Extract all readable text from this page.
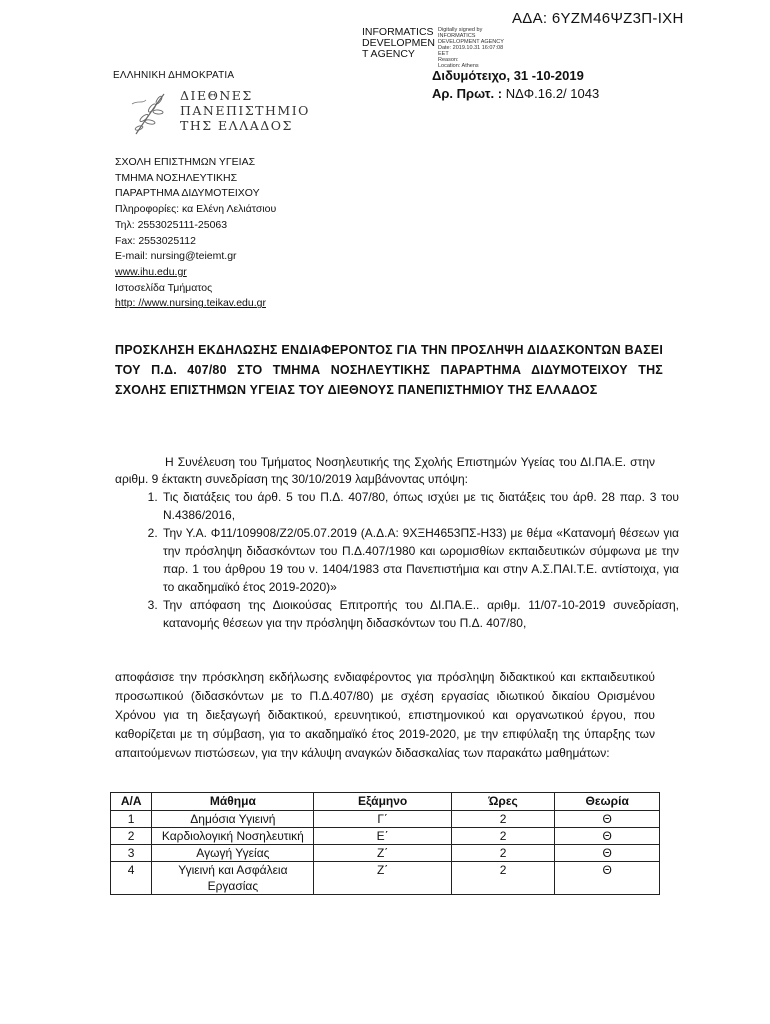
ΑΔΑ: 6ΥΖΜ46ΨΖ3Π-ΙΧΗ
INFORMATICS
DEVELOPMEN
T AGENCY
Digitally signed by
INFORMATICS
DEVELOPMENT AGENCY
Date: 2019.10.31 16:07:08
EET
Reason:
Location: Athens
ΕΛΛΗΝΙΚΗ ΔΗΜΟΚΡΑΤΙΑ	Διδυμότειχο, 31 -10-2019
Αρ. Πρωτ. : ΝΔΦ.16.2/ 1043
ΔΙΕΘΝΕΣ
ΠΑΝΕΠΙΣΤΗΜΙΟ
ΤΗΣ ΕΛΛΑΔΟΣ
ΣΧΟΛΗ ΕΠΙΣΤΗΜΩΝ ΥΓΕΙΑΣ
ΤΜΗΜΑ ΝΟΣΗΛΕΥΤΙΚΗΣ
ΠΑΡΑΡΤΗΜΑ ΔΙΔΥΜΟΤΕΙΧΟΥ
Πληροφορίες: κα Ελένη Λελιάτσιου
Τηλ: 2553025111-25063
Fax: 2553025112
E-mail: nursing@teiemt.gr
www.ihu.edu.gr
Ιστοσελίδα Τμήματος
http: //www.nursing.teikav.edu.gr
ΠΡΟΣΚΛΗΣΗ ΕΚΔΗΛΩΣΗΣ ΕΝΔΙΑΦΕΡΟΝΤΟΣ ΓΙΑ ΤΗΝ ΠΡΟΣΛΗΨΗ ΔΙΔΑΣΚΟΝΤΩΝ ΒΑΣΕΙ ΤΟΥ Π.Δ. 407/80 ΣΤΟ ΤΜΗΜΑ ΝΟΣΗΛΕΥΤΙΚΗΣ ΠΑΡΑΡΤΗΜΑ ΔΙΔΥΜΟΤΕΙΧΟΥ ΤΗΣ ΣΧΟΛΗΣ ΕΠΙΣΤΗΜΩΝ ΥΓΕΙΑΣ ΤΟΥ ΔΙΕΘΝΟΥΣ ΠΑΝΕΠΙΣΤΗΜΙΟΥ ΤΗΣ ΕΛΛΑΔΟΣ
Η Συνέλευση του Τμήματος Νοσηλευτικής της Σχολής Επιστημών Υγείας του ΔΙ.ΠΑ.Ε. στην αριθμ. 9 έκτακτη συνεδρίαση της 30/10/2019 λαμβάνοντας υπόψη:
1. Τις διατάξεις του άρθ. 5 του Π.Δ. 407/80, όπως ισχύει με τις διατάξεις του άρθ. 28 παρ. 3 του Ν.4386/2016,
2. Την Υ.Α. Φ11/109908/Ζ2/05.07.2019 (Α.Δ.Α: 9ΧΞΗ4653ΠΣ-Η33) με θέμα «Κατανομή θέσεων για την πρόσληψη διδασκόντων του Π.Δ.407/1980 και ωρομισθίων εκπαιδευτικών σύμφωνα με την παρ. 1 του άρθρου 19 του ν. 1404/1983 στα Πανεπιστήμια και στην Α.Σ.ΠΑΙ.Τ.Ε. αντίστοιχα, για το ακαδημαϊκό έτος 2019-2020)»
3. Την απόφαση της Διοικούσας Επιτροπής του ΔΙ.ΠΑ.Ε.. αριθμ. 11/07-10-2019 συνεδρίαση, κατανομής θέσεων για την πρόσληψη διδασκόντων του Π.Δ. 407/80,
αποφάσισε την πρόσκληση εκδήλωσης ενδιαφέροντος για πρόσληψη διδακτικού και εκπαιδευτικού προσωπικού (διδασκόντων με το Π.Δ.407/80) με σχέση εργασίας ιδιωτικού δικαίου Ορισμένου Χρόνου για τη διεξαγωγή διδακτικού, ερευνητικού, επιστημονικού και οργανωτικού έργου, που καθορίζεται με τη σύμβαση, για το ακαδημαϊκό έτος 2019-2020, με την επιφύλαξη της ύπαρξης των απαιτούμενων πιστώσεων, για την κάλυψη αναγκών διδασκαλίας των παρακάτω μαθημάτων:
Α/Α	Μάθημα	Εξάμηνο	Ώρες	Θεωρία
1	Δημόσια Υγιεινή	Γ΄	2	Θ
2	Καρδιολογική Νοσηλευτική	Ε΄	2	Θ
3	Αγωγή Υγείας	Ζ΄	2	Θ
4	Υγιεινή και Ασφάλεια Εργασίας	Ζ΄	2	Θ
